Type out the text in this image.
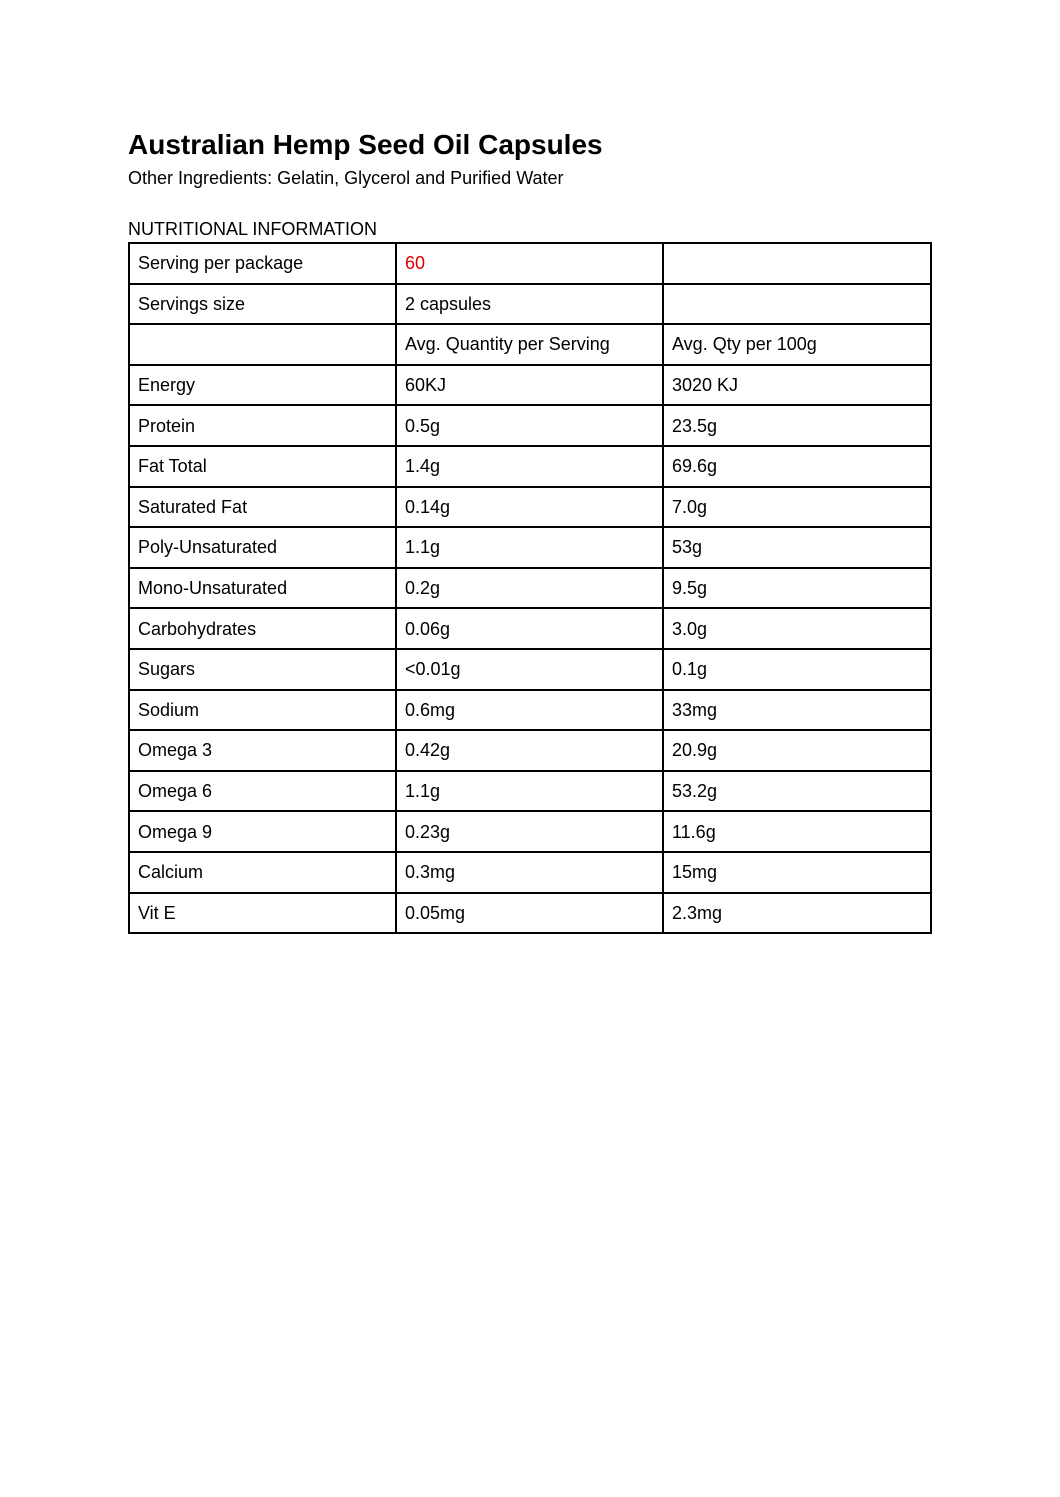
Australian Hemp Seed Oil Capsules

Other Ingredients: Gelatin, Glycerol and Purified Water

NUTRITIONAL INFORMATION

Serving per package	60	
Servings size	2 capsules	
	Avg. Quantity per Serving	Avg. Qty per 100g
Energy	60KJ	3020 KJ
Protein	0.5g	23.5g
Fat Total	1.4g	69.6g
Saturated Fat	0.14g	7.0g
Poly-Unsaturated	1.1g	53g
Mono-Unsaturated	0.2g	9.5g
Carbohydrates	0.06g	3.0g
Sugars	<0.01g	0.1g
Sodium	0.6mg	33mg
Omega 3	0.42g	20.9g
Omega 6	1.1g	53.2g
Omega 9	0.23g	11.6g
Calcium	0.3mg	15mg
Vit E	0.05mg	2.3mg
